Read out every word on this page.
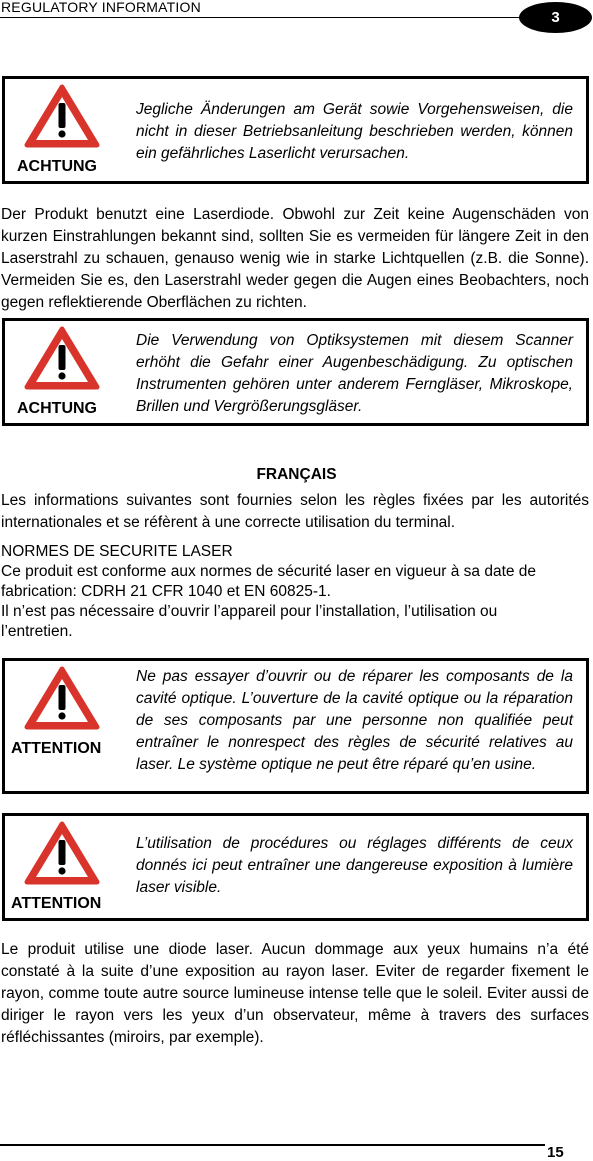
REGULATORY INFORMATION
3
ACHTUNG
Jegliche Änderungen am Gerät sowie Vorgehensweisen, die nicht in dieser Betriebsanleitung beschrieben werden, können ein gefährliches Laserlicht verursachen.
Der Produkt benutzt eine Laserdiode. Obwohl zur Zeit keine Augenschäden von kurzen Einstrahlungen bekannt sind, sollten Sie es vermeiden für längere Zeit in den Laserstrahl zu schauen, genauso wenig wie in starke Lichtquellen (z.B. die Sonne). Vermeiden Sie es, den Laserstrahl weder gegen die Augen eines Beobachters, noch gegen reflektierende Oberflächen zu richten.
ACHTUNG
Die Verwendung von Optiksystemen mit diesem Scanner erhöht die Gefahr einer Augenbeschädigung. Zu optischen Instrumenten gehören unter anderem Ferngläser, Mikroskope, Brillen und Vergrößerungsgläser.
FRANÇAIS
Les informations suivantes sont fournies selon les règles fixées par les autorités internationales et se réfèrent à une correcte utilisation du terminal.
NORMES DE SECURITE LASER
Ce produit est conforme aux normes de sécurité laser en vigueur à sa date de fabrication: CDRH 21 CFR 1040 et EN 60825-1.
Il n’est pas nécessaire d’ouvrir l’appareil pour l’installation, l’utilisation ou l’entretien.
ATTENTION
Ne pas essayer d’ouvrir ou de réparer les composants de la cavité optique. L’ouverture de la cavité optique ou la réparation de ses composants par une personne non qualifiée peut entraîner le nonrespect des règles de sécurité relatives au laser. Le système optique ne peut être réparé qu’en usine.
ATTENTION
L’utilisation de procédures ou réglages différents de ceux donnés ici peut entraîner une dangereuse exposition à lumière laser visible.
Le produit utilise une diode laser. Aucun dommage aux yeux humains n’a été constaté à la suite d’une exposition au rayon laser. Eviter de regarder fixement le rayon, comme toute autre source lumineuse intense telle que le soleil. Eviter aussi de diriger le rayon vers les yeux d’un observateur, même à travers des surfaces réfléchissantes (miroirs, par exemple).
15
